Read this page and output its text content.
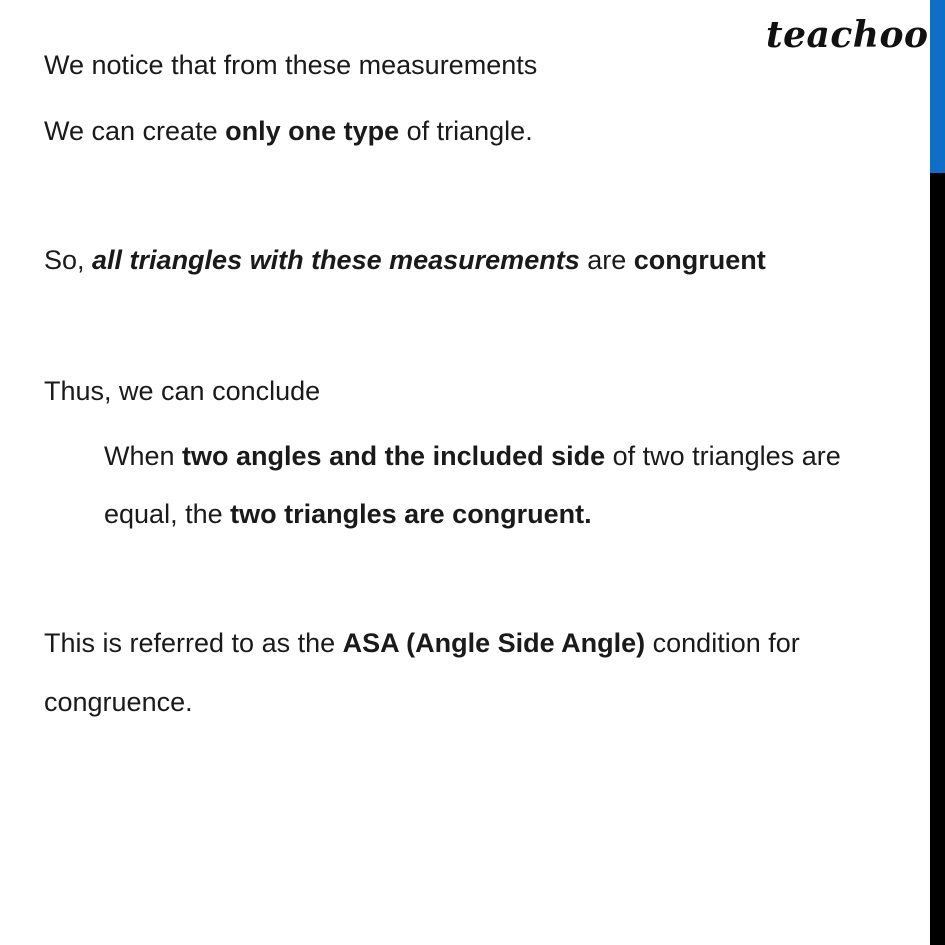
teachoo
We notice that from these measurements
We can create only one type of triangle.
So, all triangles with these measurements are congruent
Thus, we can conclude
When two angles and the included side of two triangles are
equal, the two triangles are congruent.
This is referred to as the ASA (Angle Side Angle) condition for
congruence.
